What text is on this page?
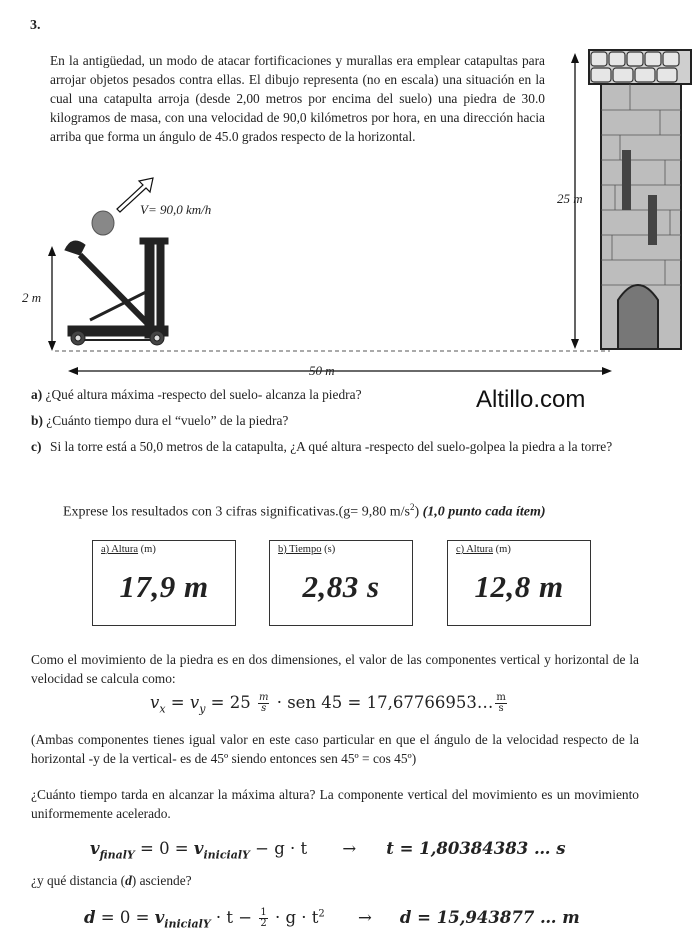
3.
En la antigüedad, un modo de atacar fortificaciones y murallas era emplear catapultas para arrojar objetos pesados contra ellas. El dibujo representa (no en escala) una situación en la cual una catapulta arroja (desde 2,00 metros por encima del suelo) una piedra de 30.0 kilogramos de masa, con una velocidad de 90,0 kilómetros por hora, en una dirección hacia arriba que forma un ángulo de 45.0 grados respecto de la horizontal.
V= 90,0 km/h
2 m
25 m
50 m
a) ¿Qué altura máxima -respecto del suelo- alcanza la piedra?	Altillo.com
b) ¿Cuánto tiempo dura el “vuelo” de la piedra?
c) Si la torre está a 50,0 metros de la catapulta, ¿A qué altura -respecto del suelo-golpea la piedra a la torre?
Exprese los resultados con 3 cifras significativas.(g= 9,80 $m/s^2$) (1,0 punto cada ítem)
a) Altura (m)
17,9 m
b) Tiempo (s)
2,83 s
c) Altura (m)
12,8 m
Como el movimiento de la piedra es en dos dimensiones, el valor de las componentes vertical y horizontal de la velocidad se calcula como:
$v_x = v_y = 25 \frac{m}{s}$ · sen 45 = 17,67766953… $\frac{m}{s}$
(Ambas componentes tienes igual valor en este caso particular en que el ángulo de la velocidad respecto de la horizontal -y de la vertical- es de 45º siendo entonces sen 45º = cos 45º)
¿Cuánto tiempo tarda en alcanzar la máxima altura? La componente vertical del movimiento es un movimiento uniformemente acelerado.
$v_{finalY} = 0 = v_{inicialY} - g \cdot t \to t = 1,80384383$ … s
¿y qué distancia (d) asciende?
$d = 0 = v_{inicialY} \cdot t - \frac{1}{2} \cdot g \cdot t^2 \to d = 15,943877$ … m
